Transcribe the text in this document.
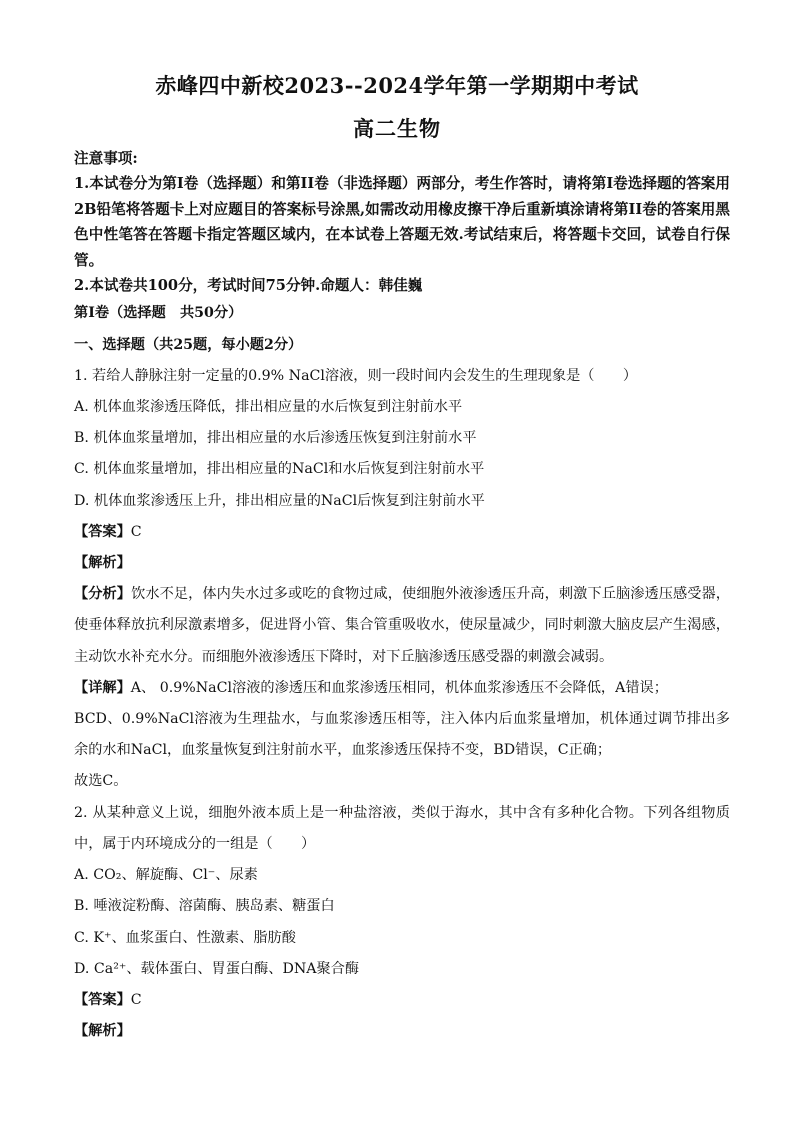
赤峰四中新校2023--2024学年第一学期期中考试
高二生物

注意事项:

1.本试卷分为第I卷（选择题）和第II卷（非选择题）两部分，考生作答时，请将第I卷选择题的答案用2B铅笔将答题卡上对应题目的答案标号涂黑,如需改动用橡皮擦干净后重新填涂请将第II卷的答案用黑色中性笔答在答题卡指定答题区域内，在本试卷上答题无效.考试结束后，将答题卡交回，试卷自行保管。

2.本试卷共100分，考试时间75分钟.命题人：韩佳巍

第I卷（选择题　共50分）

一、选择题（共25题，每小题2分）

1. 若给人静脉注射一定量的0.9% NaCl溶液，则一段时间内会发生的生理现象是（　　）

A. 机体血浆渗透压降低，排出相应量的水后恢复到注射前水平

B. 机体血浆量增加，排出相应量的水后渗透压恢复到注射前水平

C. 机体血浆量增加，排出相应量的NaCl和水后恢复到注射前水平

D. 机体血浆渗透压上升，排出相应量的NaCl后恢复到注射前水平

【答案】C

【解析】

【分析】饮水不足，体内失水过多或吃的食物过咸，使细胞外液渗透压升高，刺激下丘脑渗透压感受器，使垂体释放抗利尿激素增多，促进肾小管、集合管重吸收水，使尿量减少，同时刺激大脑皮层产生渴感，主动饮水补充水分。而细胞外液渗透压下降时，对下丘脑渗透压感受器的刺激会减弱。

【详解】A、 0.9%NaCl溶液的渗透压和血浆渗透压相同，机体血浆渗透压不会降低，A错误；

BCD、0.9%NaCl溶液为生理盐水，与血浆渗透压相等，注入体内后血浆量增加，机体通过调节排出多余的水和NaCl，血浆量恢复到注射前水平，血浆渗透压保持不变，BD错误，C正确；

故选C。

2. 从某种意义上说，细胞外液本质上是一种盐溶液，类似于海水，其中含有多种化合物。下列各组物质中，属于内环境成分的一组是（　　）

A. CO₂、解旋酶、Cl⁻、尿素

B. 唾液淀粉酶、溶菌酶、胰岛素、糖蛋白

C. K⁺、血浆蛋白、性激素、脂肪酸

D. Ca²⁺、载体蛋白、胃蛋白酶、DNA聚合酶

【答案】C

【解析】
